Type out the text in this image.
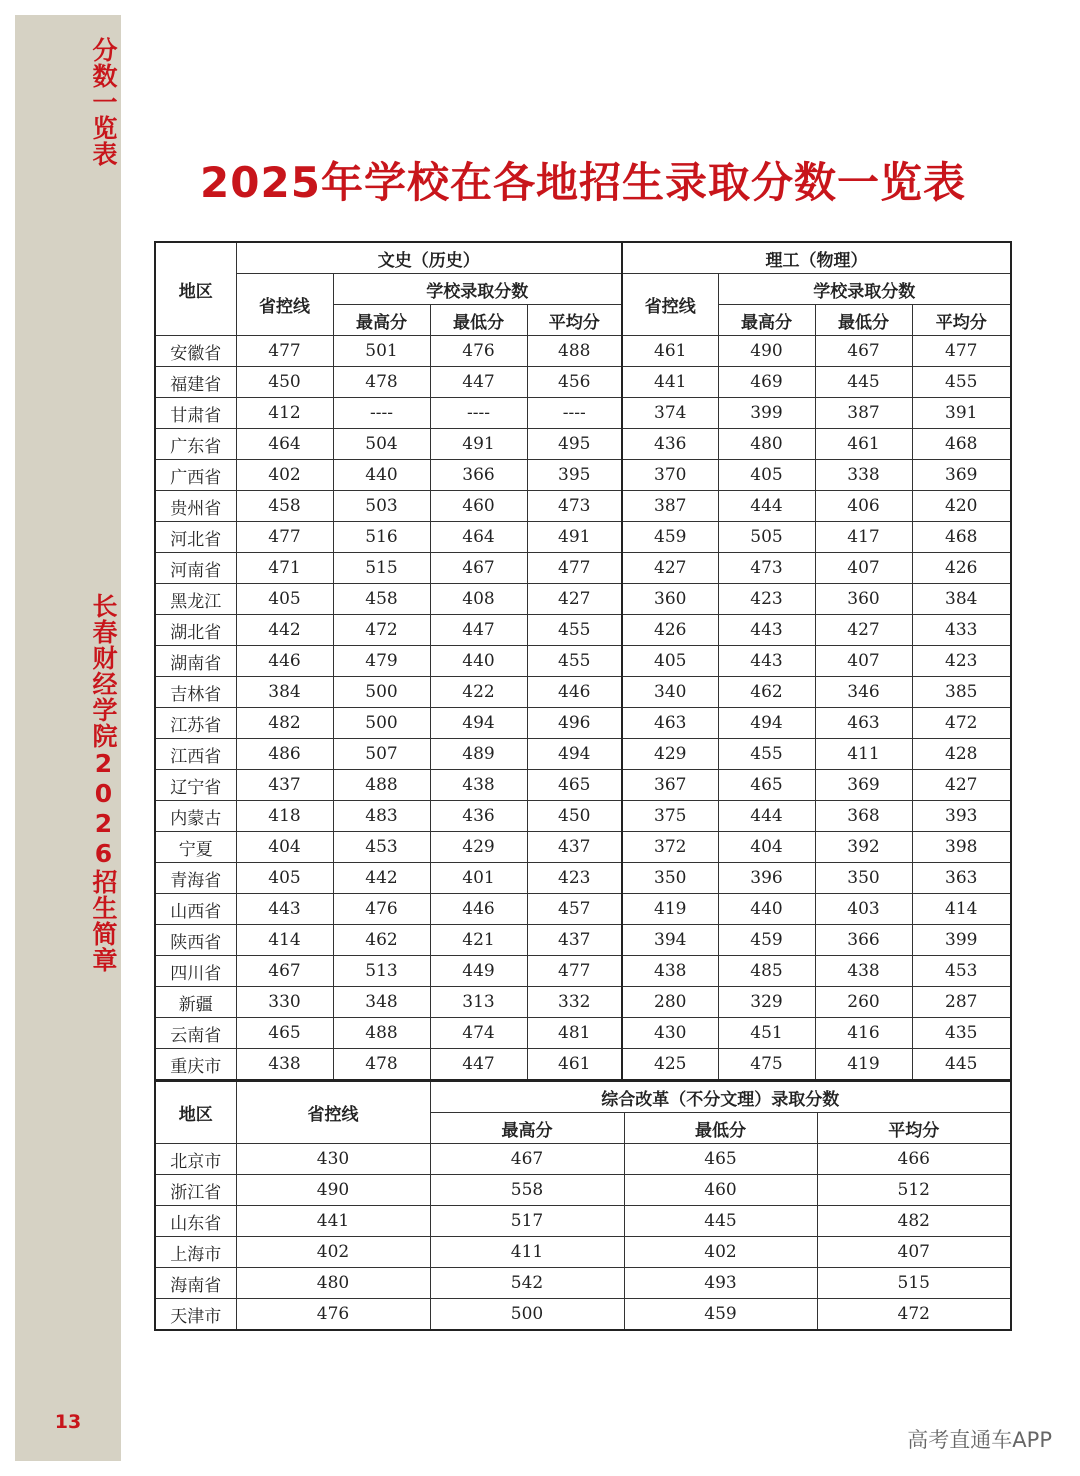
分数一览表
长春财经学院2026招生简章
13
2025年学校在各地招生录取分数一览表
地区	文史（历史）				理工（物理）			
	省控线	学校录取分数			省控线	学校录取分数		
		最高分	最低分	平均分		最高分	最低分	平均分
安徽省	477	501	476	488	461	490	467	477
福建省	450	478	447	456	441	469	445	455
甘肃省	412	----	----	----	374	399	387	391
广东省	464	504	491	495	436	480	461	468
广西省	402	440	366	395	370	405	338	369
贵州省	458	503	460	473	387	444	406	420
河北省	477	516	464	491	459	505	417	468
河南省	471	515	467	477	427	473	407	426
黑龙江	405	458	408	427	360	423	360	384
湖北省	442	472	447	455	426	443	427	433
湖南省	446	479	440	455	405	443	407	423
吉林省	384	500	422	446	340	462	346	385
江苏省	482	500	494	496	463	494	463	472
江西省	486	507	489	494	429	455	411	428
辽宁省	437	488	438	465	367	465	369	427
内蒙古	418	483	436	450	375	444	368	393
宁夏	404	453	429	437	372	404	392	398
青海省	405	442	401	423	350	396	350	363
山西省	443	476	446	457	419	440	403	414
陕西省	414	462	421	437	394	459	366	399
四川省	467	513	449	477	438	485	438	453
新疆	330	348	313	332	280	329	260	287
云南省	465	488	474	481	430	451	416	435
重庆市	438	478	447	461	425	475	419	445
地区	省控线	综合改革（不分文理）录取分数		
		最高分	最低分	平均分
北京市	430	467	465	466
浙江省	490	558	460	512
山东省	441	517	445	482
上海市	402	411	402	407
海南省	480	542	493	515
天津市	476	500	459	472
高考直通车APP
